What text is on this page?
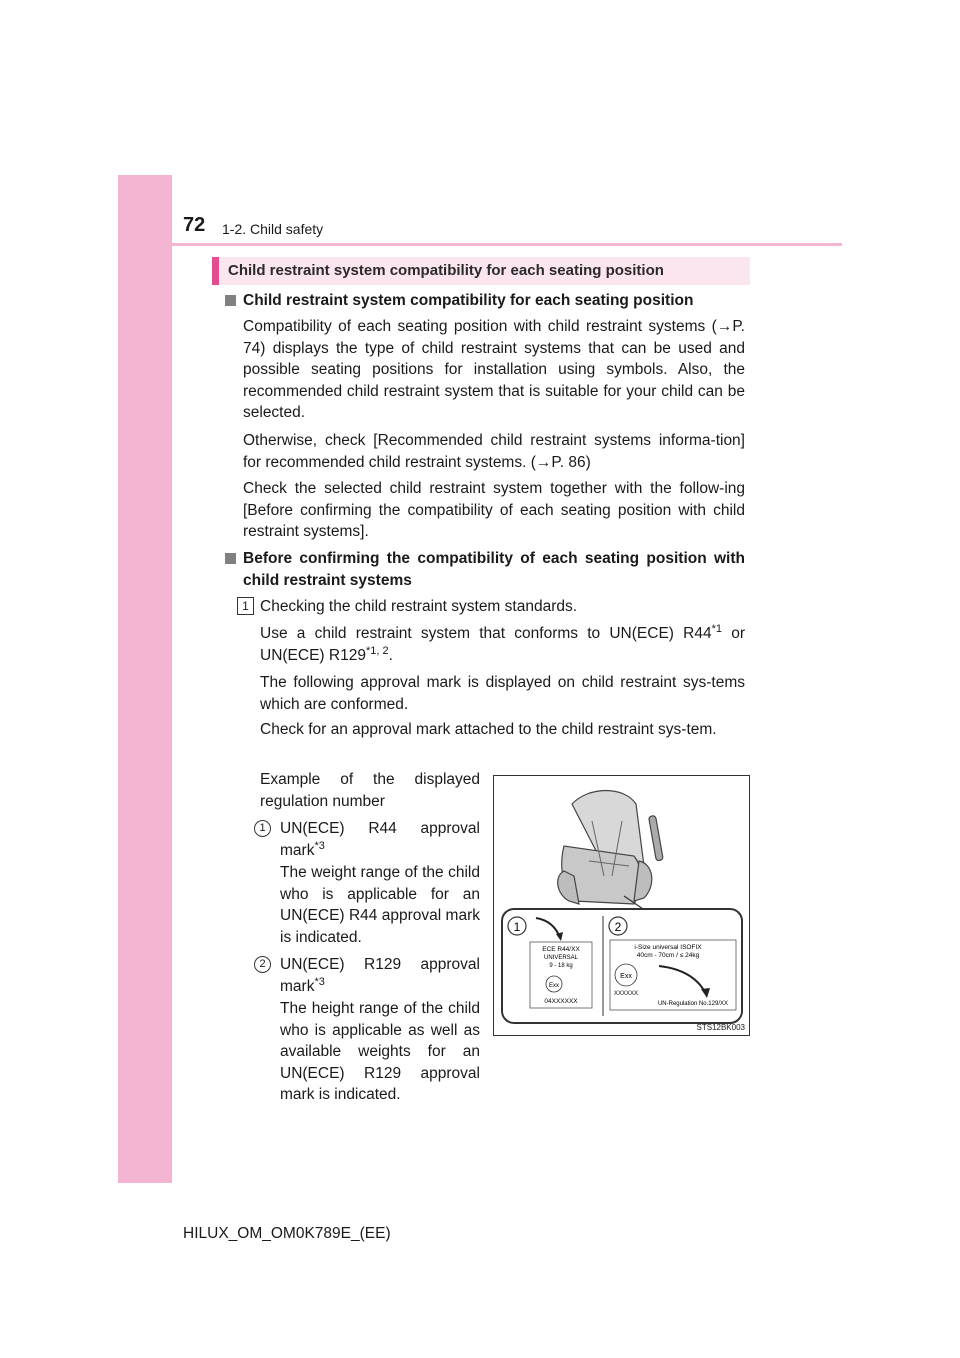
72 1-2. Child safety
Child restraint system compatibility for each seating position
Child restraint system compatibility for each seating position
Compatibility of each seating position with child restraint systems (→P. 74) displays the type of child restraint systems that can be used and possible seating positions for installation using symbols. Also, the recommended child restraint system that is suitable for your child can be selected.
Otherwise, check [Recommended child restraint systems informa-tion] for recommended child restraint systems. (→P. 86)
Check the selected child restraint system together with the follow-ing [Before confirming the compatibility of each seating position with child restraint systems].
Before confirming the compatibility of each seating position with child restraint systems
1 Checking the child restraint system standards.
Use a child restraint system that conforms to UN(ECE) R44$^{*1}$ or UN(ECE) R129$^{*1, 2}$.
The following approval mark is displayed on child restraint sys-tems which are conformed.
Check for an approval mark attached to the child restraint sys-tem.
Example of the displayed regulation number
1 UN(ECE) R44 approval mark$^{*3}$
The weight range of the child who is applicable for an UN(ECE) R44 approval mark is indicated.
2 UN(ECE) R129 approval mark$^{*3}$
The height range of the child who is applicable as well as available weights for an UN(ECE) R129 approval mark is indicated.
1	2
ECE R44/XX
UNIVERSAL
9 - 18 kg
Exx
04XXXXXX
i-Size universal ISOFIX
40cm - 70cm / ≤ 24kg
Exx
XXXXXX
UN-Regulation No.129/XX
STS12BK003
HILUX_OM_OM0K789E_(EE)
